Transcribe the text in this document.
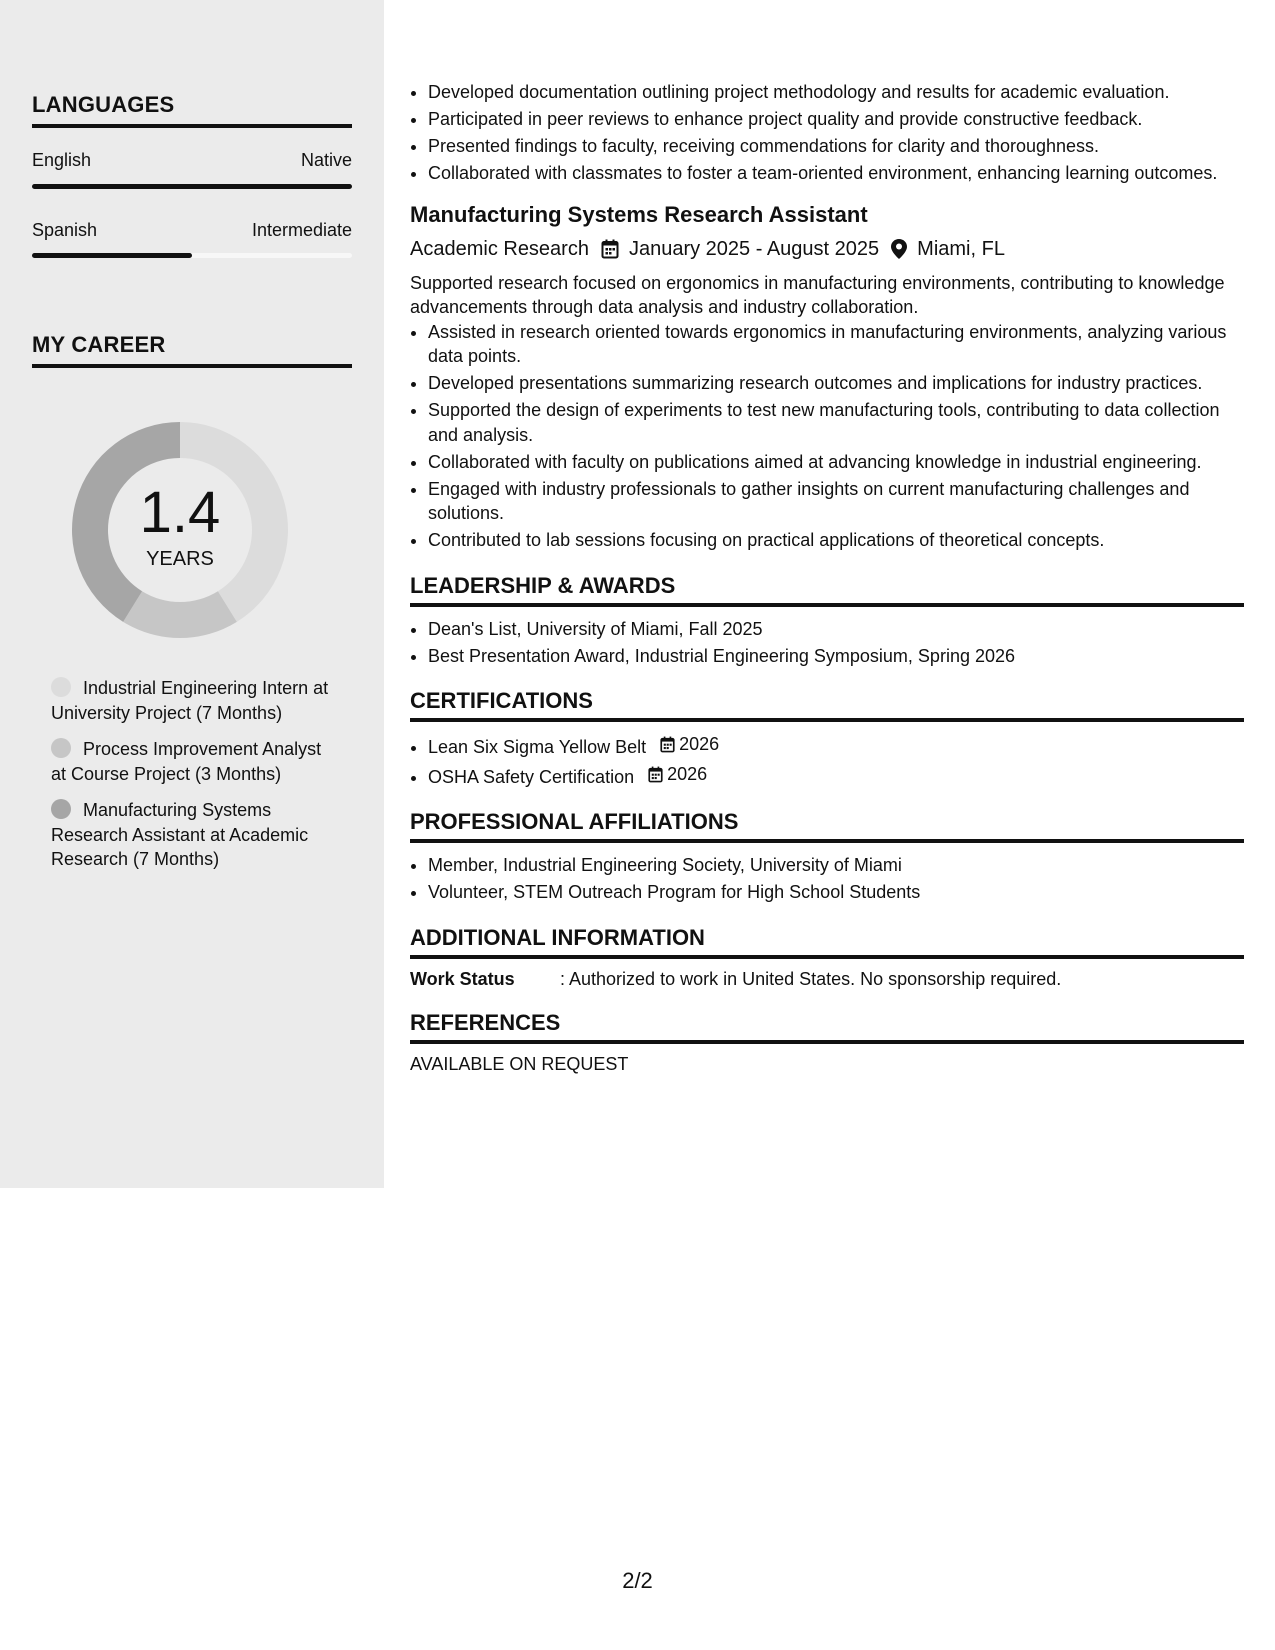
LANGUAGES
English	Native
Spanish	Intermediate
MY CAREER
1.4
YEARS
Industrial Engineering Intern at University Project (7 Months)
Process Improvement Analyst at Course Project (3 Months)
Manufacturing Systems Research Assistant at Academic Research (7 Months)
• Developed documentation outlining project methodology and results for academic evaluation.
• Participated in peer reviews to enhance project quality and provide constructive feedback.
• Presented findings to faculty, receiving commendations for clarity and thoroughness.
• Collaborated with classmates to foster a team-oriented environment, enhancing learning outcomes.
Manufacturing Systems Research Assistant
Academic Research January 2025 - August 2025 Miami, FL
Supported research focused on ergonomics in manufacturing environments, contributing to knowledge advancements through data analysis and industry collaboration.
• Assisted in research oriented towards ergonomics in manufacturing environments, analyzing various data points.
• Developed presentations summarizing research outcomes and implications for industry practices.
• Supported the design of experiments to test new manufacturing tools, contributing to data collection and analysis.
• Collaborated with faculty on publications aimed at advancing knowledge in industrial engineering.
• Engaged with industry professionals to gather insights on current manufacturing challenges and solutions.
• Contributed to lab sessions focusing on practical applications of theoretical concepts.
LEADERSHIP & AWARDS
• Dean's List, University of Miami, Fall 2025
• Best Presentation Award, Industrial Engineering Symposium, Spring 2026
CERTIFICATIONS
• Lean Six Sigma Yellow Belt 2026
• OSHA Safety Certification 2026
PROFESSIONAL AFFILIATIONS
• Member, Industrial Engineering Society, University of Miami
• Volunteer, STEM Outreach Program for High School Students
ADDITIONAL INFORMATION
Work Status	: Authorized to work in United States. No sponsorship required.
REFERENCES
AVAILABLE ON REQUEST
2/2
